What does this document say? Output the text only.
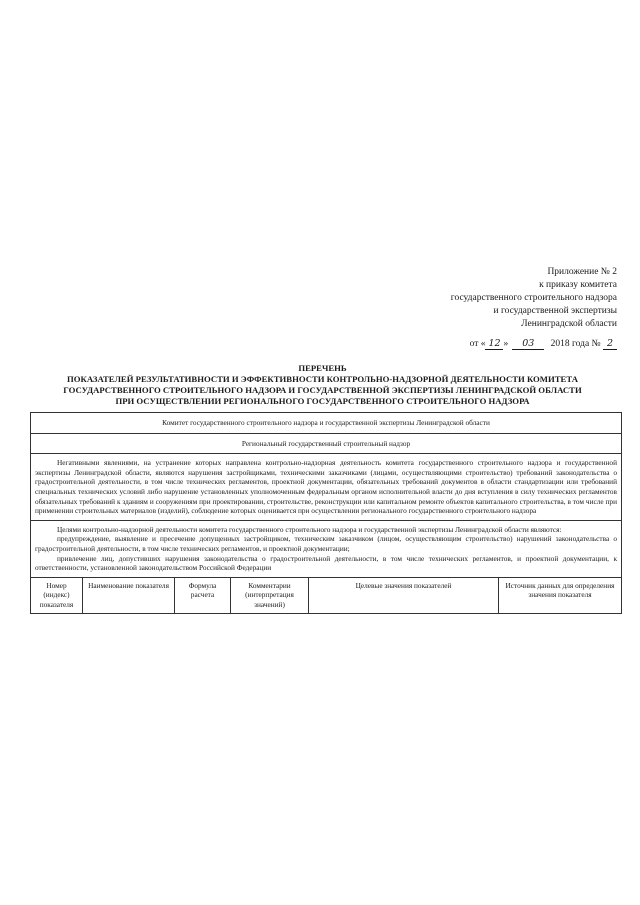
Приложение № 2
к приказу комитета
государственного строительного надзора
и государственной экспертизы
Ленинградской области
от « 12 » 03 2018 года № 2
ПЕРЕЧЕНЬ
ПОКАЗАТЕЛЕЙ РЕЗУЛЬТАТИВНОСТИ И ЭФФЕКТИВНОСТИ КОНТРОЛЬНО-НАДЗОРНОЙ ДЕЯТЕЛЬНОСТИ КОМИТЕТА
ГОСУДАРСТВЕННОГО СТРОИТЕЛЬНОГО НАДЗОРА И ГОСУДАРСТВЕННОЙ ЭКСПЕРТИЗЫ ЛЕНИНГРАДСКОЙ ОБЛАСТИ
ПРИ ОСУЩЕСТВЛЕНИИ РЕГИОНАЛЬНОГО ГОСУДАРСТВЕННОГО СТРОИТЕЛЬНОГО НАДЗОРА
Комитет государственного строительного надзора и государственной экспертизы Ленинградской области
Региональный государственный строительный надзор

Негативными явлениями, на устранение которых направлена контрольно-надзорная деятельность комитета государственного строительного надзора и государственной экспертизы Ленинградской области, являются нарушения застройщиками, техническими заказчиками (лицами, осуществляющими строительство) требований законодательства о градостроительной деятельности, в том числе технических регламентов, проектной документации, обязательных требований документов в области стандартизации или требований специальных технических условий либо нарушение установленных уполномоченным федеральным органом исполнительной власти до дня вступления в силу технических регламентов обязательных требований к зданиям и сооружениям при проектировании, строительстве, реконструкции или капитальном ремонте объектов капитального строительства, в том числе при применении строительных материалов (изделий), соблюдение которых оценивается при осуществлении регионального государственного строительного надзора

Целями контрольно-надзорной деятельности комитета государственного строительного надзора и государственной экспертизы Ленинградской области являются:

предупреждение, выявление и пресечение допущенных застройщиком, техническим заказчиком (лицом, осуществляющим строительство) нарушений законодательства о градостроительной деятельности, в том числе технических регламентов, и проектной документации;

привлечение лиц, допустивших нарушения законодательства о градостроительной деятельности, в том числе технических регламентов, и проектной документации, к ответственности, установленной законодательством Российской Федерации

Номер (индекс) показателя
Наименование показателя	Формула расчета
Комментарии (интерпретация значений)
Целевые значения показателей	Источник данных для определения значения показателя
